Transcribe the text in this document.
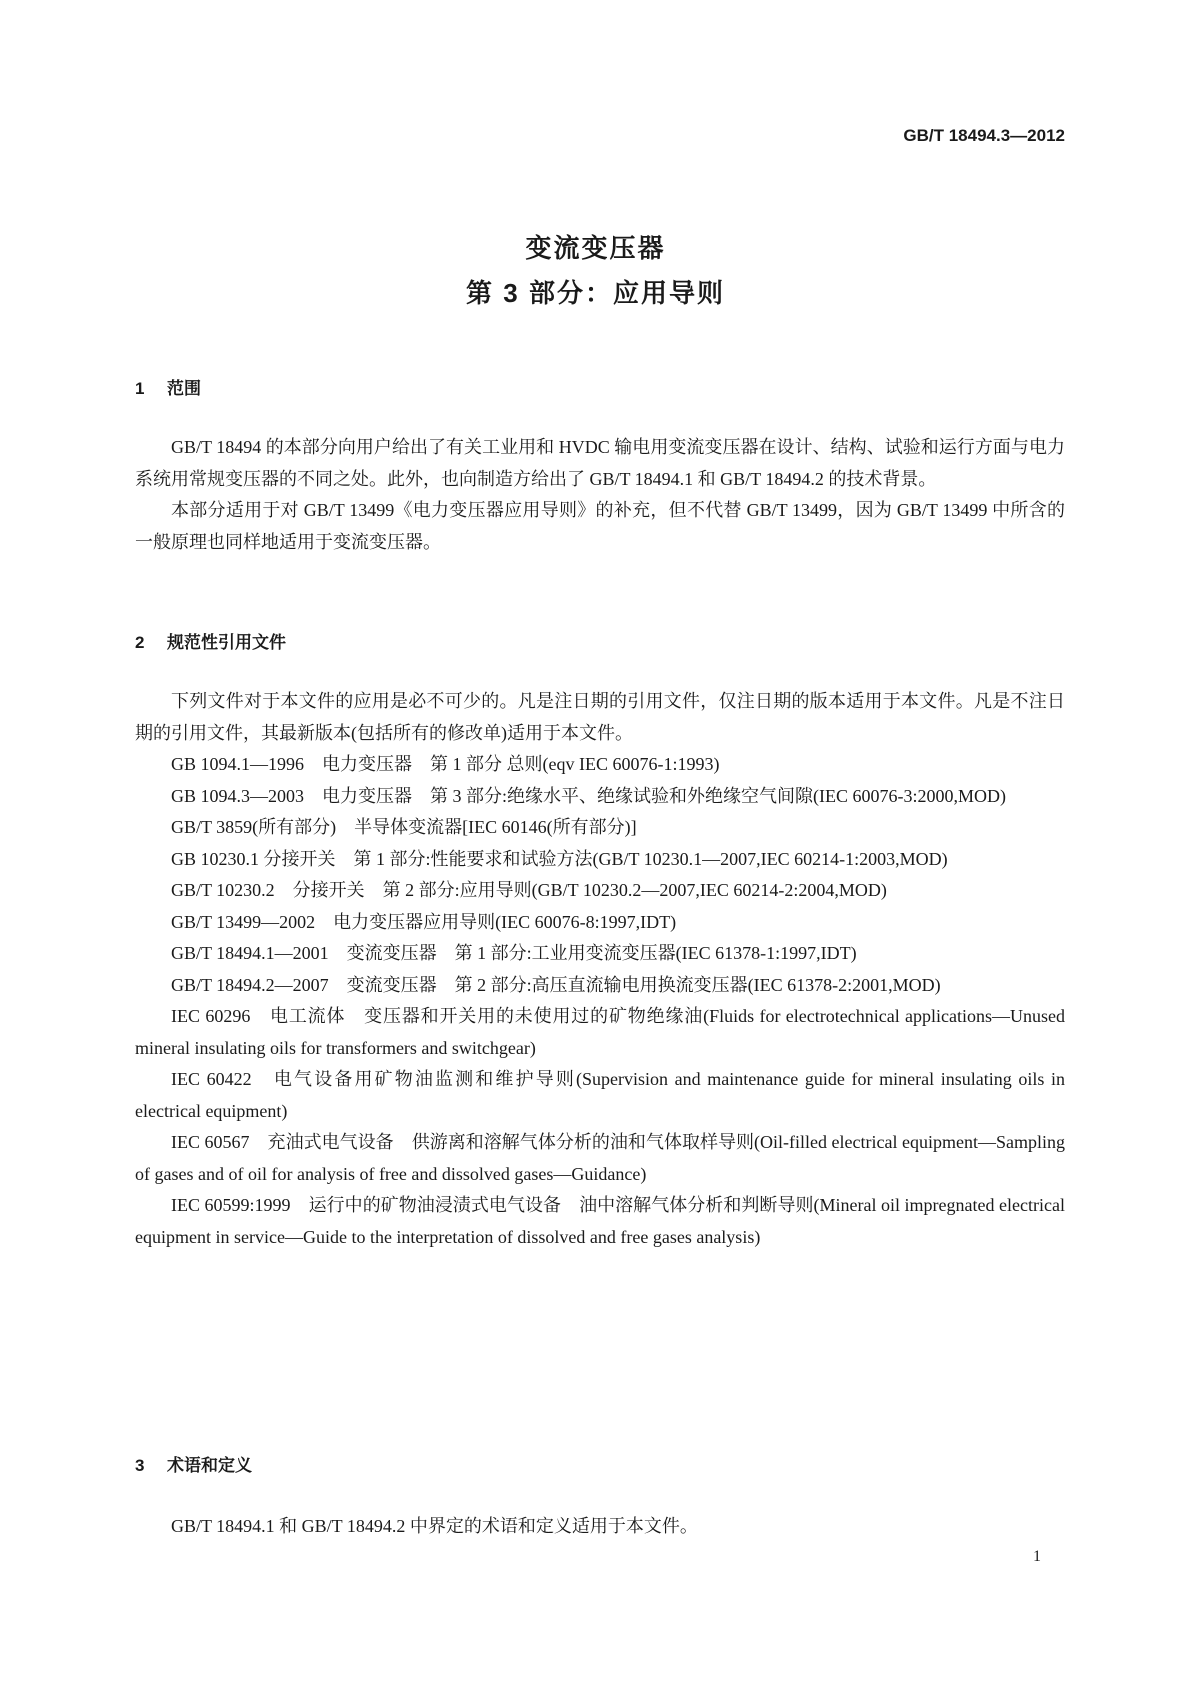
GB/T 18494.3—2012
变流变压器
第 3 部分：应用导则
1 范围

GB/T 18494 的本部分向用户给出了有关工业用和 HVDC 输电用变流变压器在设计、结构、试验和运行方面与电力系统用常规变压器的不同之处。此外，也向制造方给出了 GB/T 18494.1 和 GB/T 18494.2 的技术背景。

本部分适用于对 GB/T 13499《电力变压器应用导则》的补充，但不代替 GB/T 13499，因为 GB/T 13499 中所含的一般原理也同样地适用于变流变压器。

2 规范性引用文件

下列文件对于本文件的应用是必不可少的。凡是注日期的引用文件，仅注日期的版本适用于本文件。凡是不注日期的引用文件，其最新版本(包括所有的修改单)适用于本文件。

GB 1094.1—1996　电力变压器　第 1 部分 总则(eqv IEC 60076-1:1993)

GB 1094.3—2003　电力变压器　第 3 部分:绝缘水平、绝缘试验和外绝缘空气间隙(IEC 60076-3:2000,MOD)

GB/T 3859(所有部分)　半导体变流器[IEC 60146(所有部分)]

GB 10230.1 分接开关　第 1 部分:性能要求和试验方法(GB/T 10230.1—2007,IEC 60214-1:2003,MOD)

GB/T 10230.2　分接开关　第 2 部分:应用导则(GB/T 10230.2—2007,IEC 60214-2:2004,MOD)

GB/T 13499—2002　电力变压器应用导则(IEC 60076-8:1997,IDT)

GB/T 18494.1—2001　变流变压器　第 1 部分:工业用变流变压器(IEC 61378-1:1997,IDT)

GB/T 18494.2—2007　变流变压器　第 2 部分:高压直流输电用换流变压器(IEC 61378-2:2001,MOD)

IEC 60296　电工流体　变压器和开关用的未使用过的矿物绝缘油(Fluids for electrotechnical applications—Unused mineral insulating oils for transformers and switchgear)

IEC 60422　电气设备用矿物油监测和维护导则(Supervision and maintenance guide for mineral insulating oils in electrical equipment)

IEC 60567　充油式电气设备　供游离和溶解气体分析的油和气体取样导则(Oil-filled electrical equipment—Sampling of gases and of oil for analysis of free and dissolved gases—Guidance)

IEC 60599:1999　运行中的矿物油浸渍式电气设备　油中溶解气体分析和判断导则(Mineral oil impregnated electrical equipment in service—Guide to the interpretation of dissolved and free gases analysis)

3 术语和定义

GB/T 18494.1 和 GB/T 18494.2 中界定的术语和定义适用于本文件。

1
